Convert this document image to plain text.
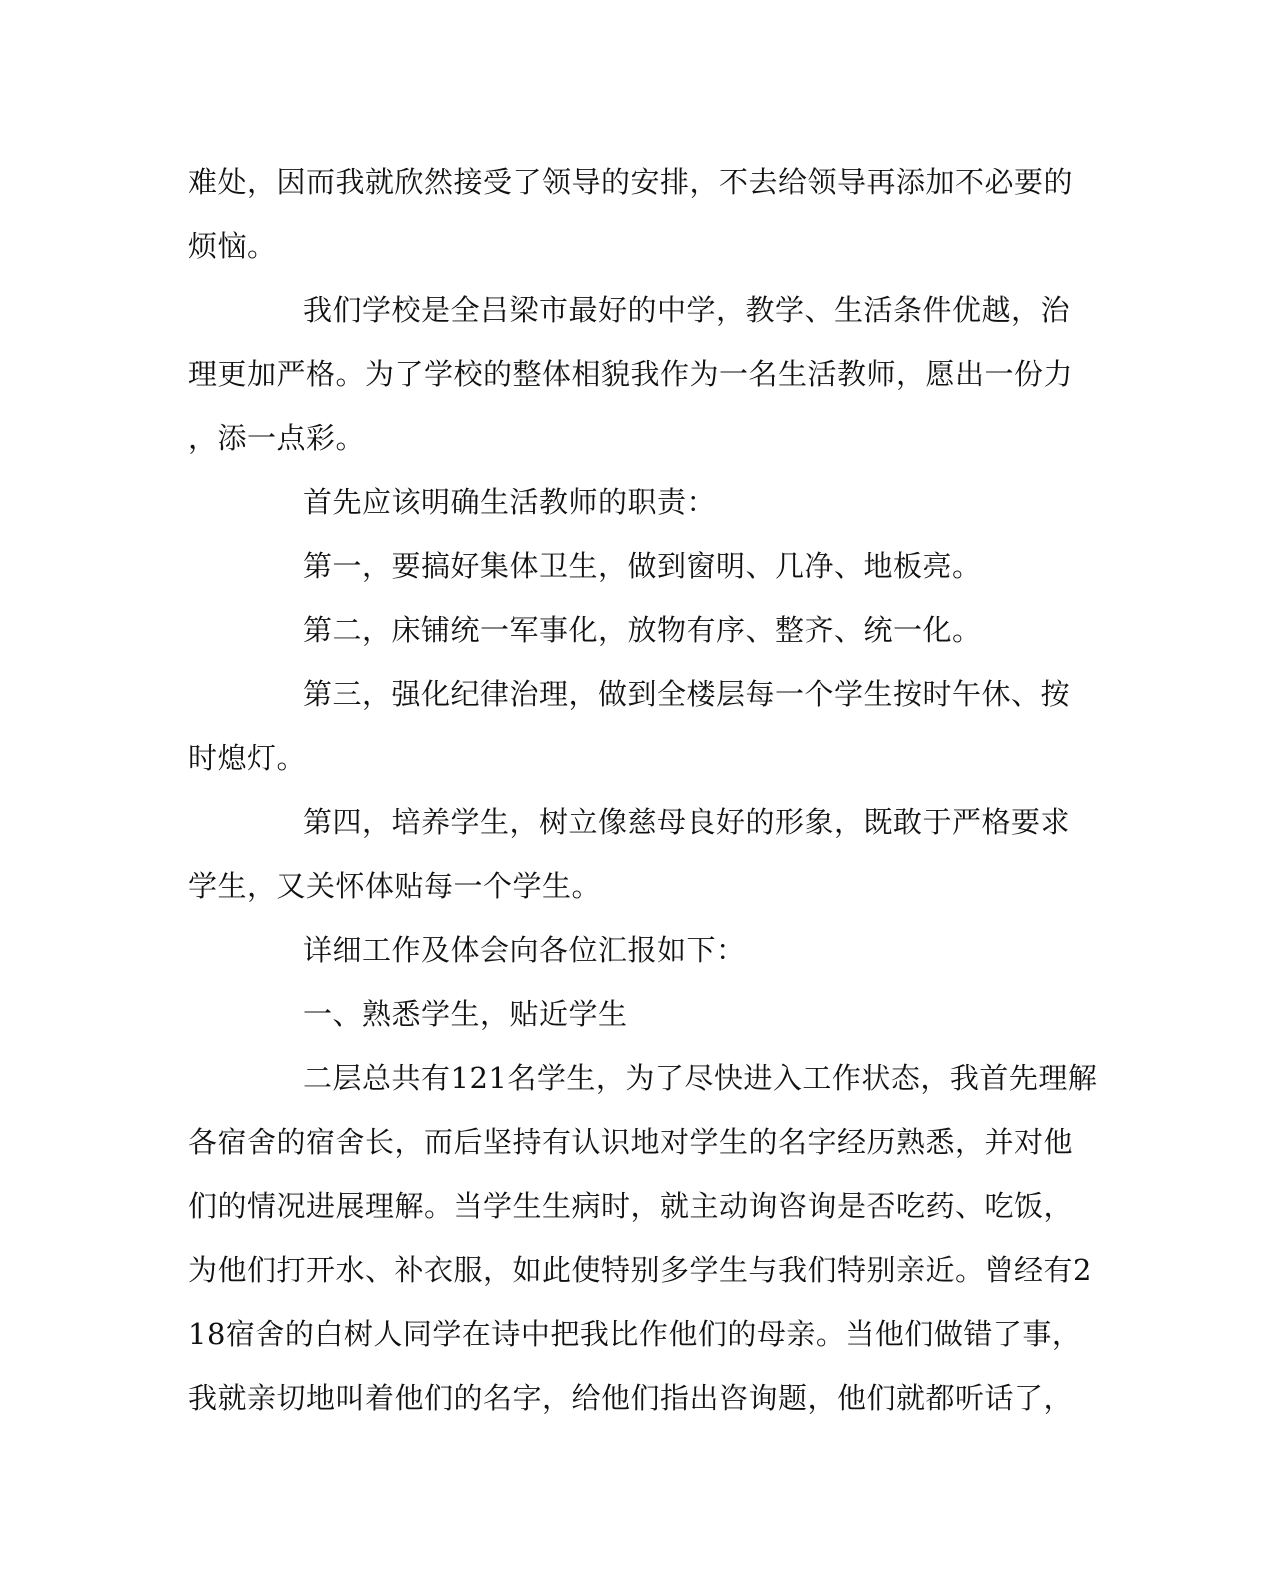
难处，因而我就欣然接受了领导的安排，不去给领导再添加不必要的
烦恼。
我们学校是全吕梁市最好的中学，教学、生活条件优越，治
理更加严格。为了学校的整体相貌我作为一名生活教师，愿出一份力
，添一点彩。
首先应该明确生活教师的职责：
第一，要搞好集体卫生，做到窗明、几净、地板亮。
第二，床铺统一军事化，放物有序、整齐、统一化。
第三，强化纪律治理，做到全楼层每一个学生按时午休、按
时熄灯。
第四，培养学生，树立像慈母良好的形象，既敢于严格要求
学生，又关怀体贴每一个学生。
详细工作及体会向各位汇报如下：
一、熟悉学生，贴近学生
二层总共有121名学生，为了尽快进入工作状态，我首先理解
各宿舍的宿舍长，而后坚持有认识地对学生的名字经历熟悉，并对他
们的情况进展理解。当学生生病时，就主动询咨询是否吃药、吃饭，
为他们打开水、补衣服，如此使特别多学生与我们特别亲近。曾经有2
18宿舍的白树人同学在诗中把我比作他们的母亲。当他们做错了事，
我就亲切地叫着他们的名字，给他们指出咨询题，他们就都听话了，
